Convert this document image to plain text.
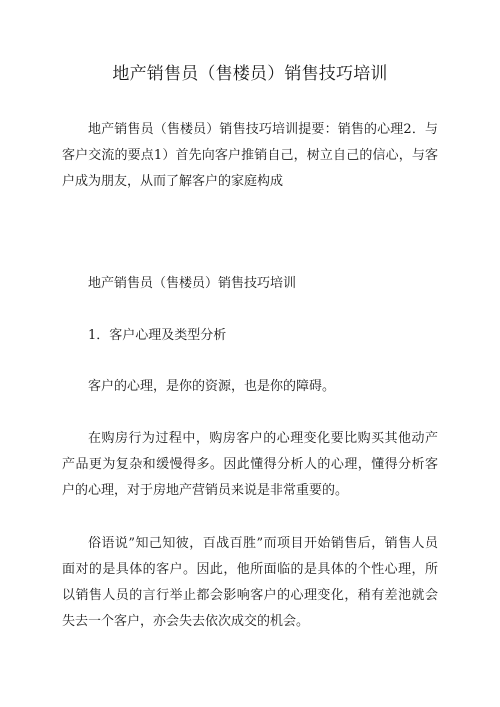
地产销售员（售楼员）销售技巧培训

地产销售员（售楼员）销售技巧培训提要：销售的心理2．与客户交流的要点1）首先向客户推销自己，树立自己的信心，与客户成为朋友，从而了解客户的家庭构成

地产销售员（售楼员）销售技巧培训

1．客户心理及类型分析

客户的心理，是你的资源，也是你的障碍。

在购房行为过程中，购房客户的心理变化要比购买其他动产产品更为复杂和缓慢得多。因此懂得分析人的心理，懂得分析客户的心理，对于房地产营销员来说是非常重要的。

俗语说”知己知彼，百战百胜”而项目开始销售后，销售人员面对的是具体的客户。因此，他所面临的是具体的个性心理，所以销售人员的言行举止都会影响客户的心理变化，稍有差池就会失去一个客户，亦会失去依次成交的机会。
